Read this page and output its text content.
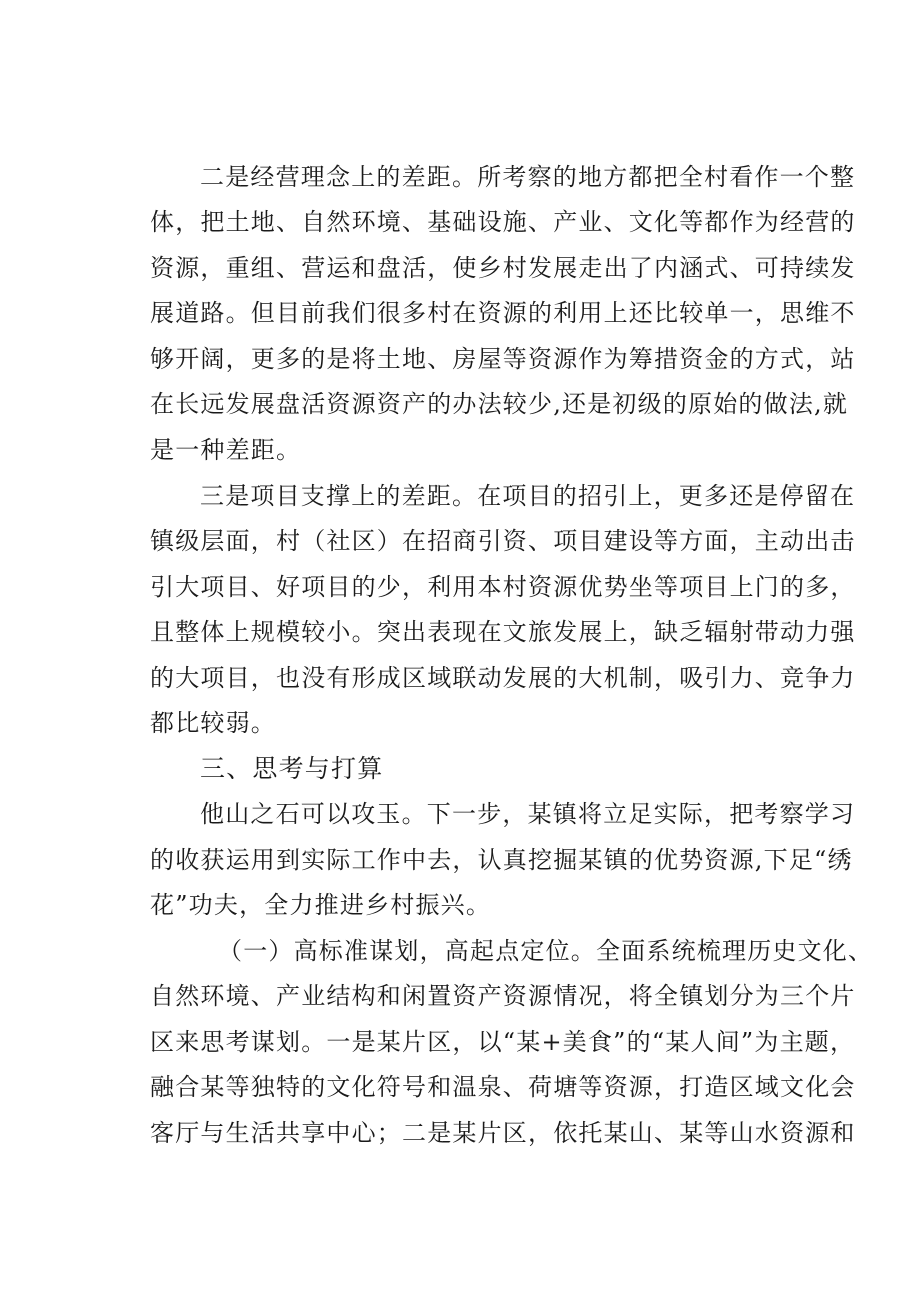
二是经营理念上的差距。所考察的地方都把全村看作一个整
体，把土地、自然环境、基础设施、产业、文化等都作为经营的
资源，重组、营运和盘活，使乡村发展走出了内涵式、可持续发
展道路。但目前我们很多村在资源的利用上还比较单一，思维不
够开阔，更多的是将土地、房屋等资源作为筹措资金的方式，站
在长远发展盘活资源资产的办法较少,还是初级的原始的做法,就
是一种差距。
三是项目支撑上的差距。在项目的招引上，更多还是停留在
镇级层面，村（社区）在招商引资、项目建设等方面，主动出击
引大项目、好项目的少，利用本村资源优势坐等项目上门的多，
且整体上规模较小。突出表现在文旅发展上，缺乏辐射带动力强
的大项目，也没有形成区域联动发展的大机制，吸引力、竞争力
都比较弱。
三、思考与打算
他山之石可以攻玉。下一步，某镇将立足实际，把考察学习
的收获运用到实际工作中去，认真挖掘某镇的优势资源,下足“绣
花”功夫，全力推进乡村振兴。
（一）高标准谋划，高起点定位。全面系统梳理历史文化、
自然环境、产业结构和闲置资产资源情况，将全镇划分为三个片
区来思考谋划。一是某片区，以“某+美食”的“某人间”为主题，
融合某等独特的文化符号和温泉、荷塘等资源，打造区域文化会
客厅与生活共享中心；二是某片区，依托某山、某等山水资源和
